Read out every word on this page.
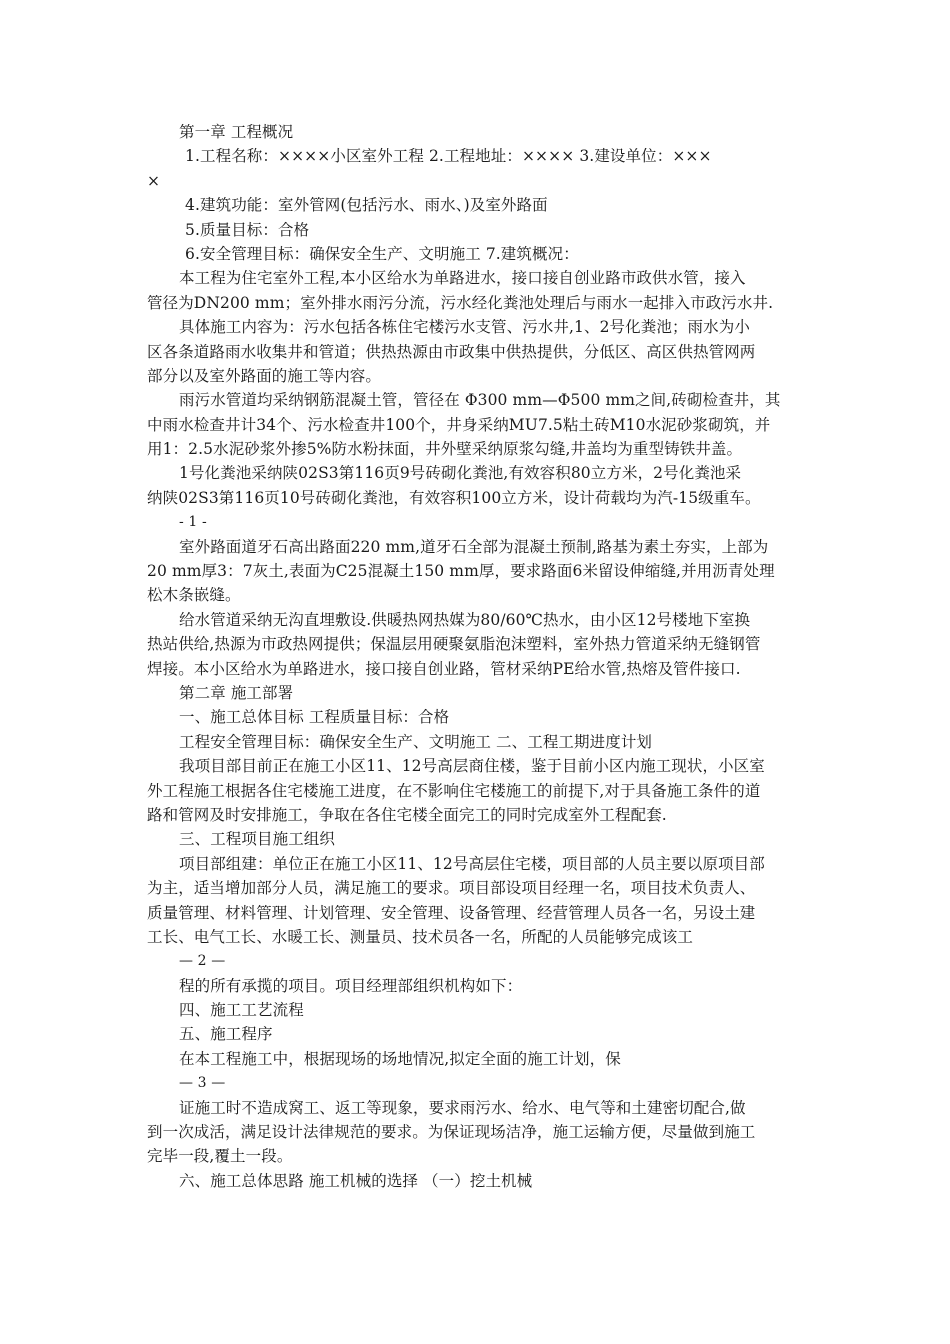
第一章 工程概况
1.工程名称：××××小区室外工程 2.工程地址：×××× 3.建设单位：×××
×
4.建筑功能：室外管网(包括污水、雨水、)及室外路面
5.质量目标：合格
6.安全管理目标：确保安全生产、文明施工 7.建筑概况：
本工程为住宅室外工程,本小区给水为单路进水，接口接自创业路市政供水管，接入
管径为DN200 mm；室外排水雨污分流，污水经化粪池处理后与雨水一起排入市政污水井.
具体施工内容为：污水包括各栋住宅楼污水支管、污水井,1、2号化粪池；雨水为小
区各条道路雨水收集井和管道；供热热源由市政集中供热提供，分低区、高区供热管网两
部分以及室外路面的施工等内容。
雨污水管道均采纳钢筋混凝土管，管径在 Φ300 mm—Φ500 mm之间,砖砌检查井，其
中雨水检查井计34个、污水检查井100个，井身采纳MU7.5粘土砖M10水泥砂浆砌筑，并
用1：2.5水泥砂浆外掺5%防水粉抹面，井外壁采纳原浆勾缝,井盖均为重型铸铁井盖。
1号化粪池采纳陕02S3第116页9号砖砌化粪池,有效容积80立方米，2号化粪池采
纳陕02S3第116页10号砖砌化粪池，有效容积100立方米，设计荷载均为汽-15级重车。
- 1 -
室外路面道牙石高出路面220 mm,道牙石全部为混凝土预制,路基为素土夯实，上部为
20 mm厚3：7灰土,表面为C25混凝土150 mm厚，要求路面6米留设伸缩缝,并用沥青处理
松木条嵌缝。
给水管道采纳无沟直埋敷设.供暖热网热媒为80/60℃热水，由小区12号楼地下室换
热站供给,热源为市政热网提供；保温层用硬聚氨脂泡沫塑料，室外热力管道采纳无缝钢管
焊接。本小区给水为单路进水，接口接自创业路，管材采纳PE给水管,热熔及管件接口.
第二章 施工部署
一、施工总体目标 工程质量目标：合格
工程安全管理目标：确保安全生产、文明施工 二、工程工期进度计划
我项目部目前正在施工小区11、12号高层商住楼，鉴于目前小区内施工现状，小区室
外工程施工根据各住宅楼施工进度，在不影响住宅楼施工的前提下,对于具备施工条件的道
路和管网及时安排施工，争取在各住宅楼全面完工的同时完成室外工程配套.
三、工程项目施工组织
项目部组建：单位正在施工小区11、12号高层住宅楼，项目部的人员主要以原项目部
为主，适当增加部分人员，满足施工的要求。项目部设项目经理一名，项目技术负责人、
质量管理、材料管理、计划管理、安全管理、设备管理、经营管理人员各一名，另设土建
工长、电气工长、水暖工长、测量员、技术员各一名，所配的人员能够完成该工
— 2 —
程的所有承揽的项目。项目经理部组织机构如下：
四、施工工艺流程
五、施工程序
在本工程施工中，根据现场的场地情况,拟定全面的施工计划，保
— 3 —
证施工时不造成窝工、返工等现象，要求雨污水、给水、电气等和土建密切配合,做
到一次成活，满足设计法律规范的要求。为保证现场洁净，施工运输方便，尽量做到施工
完毕一段,覆土一段。
六、施工总体思路 施工机械的选择 （一）挖土机械
